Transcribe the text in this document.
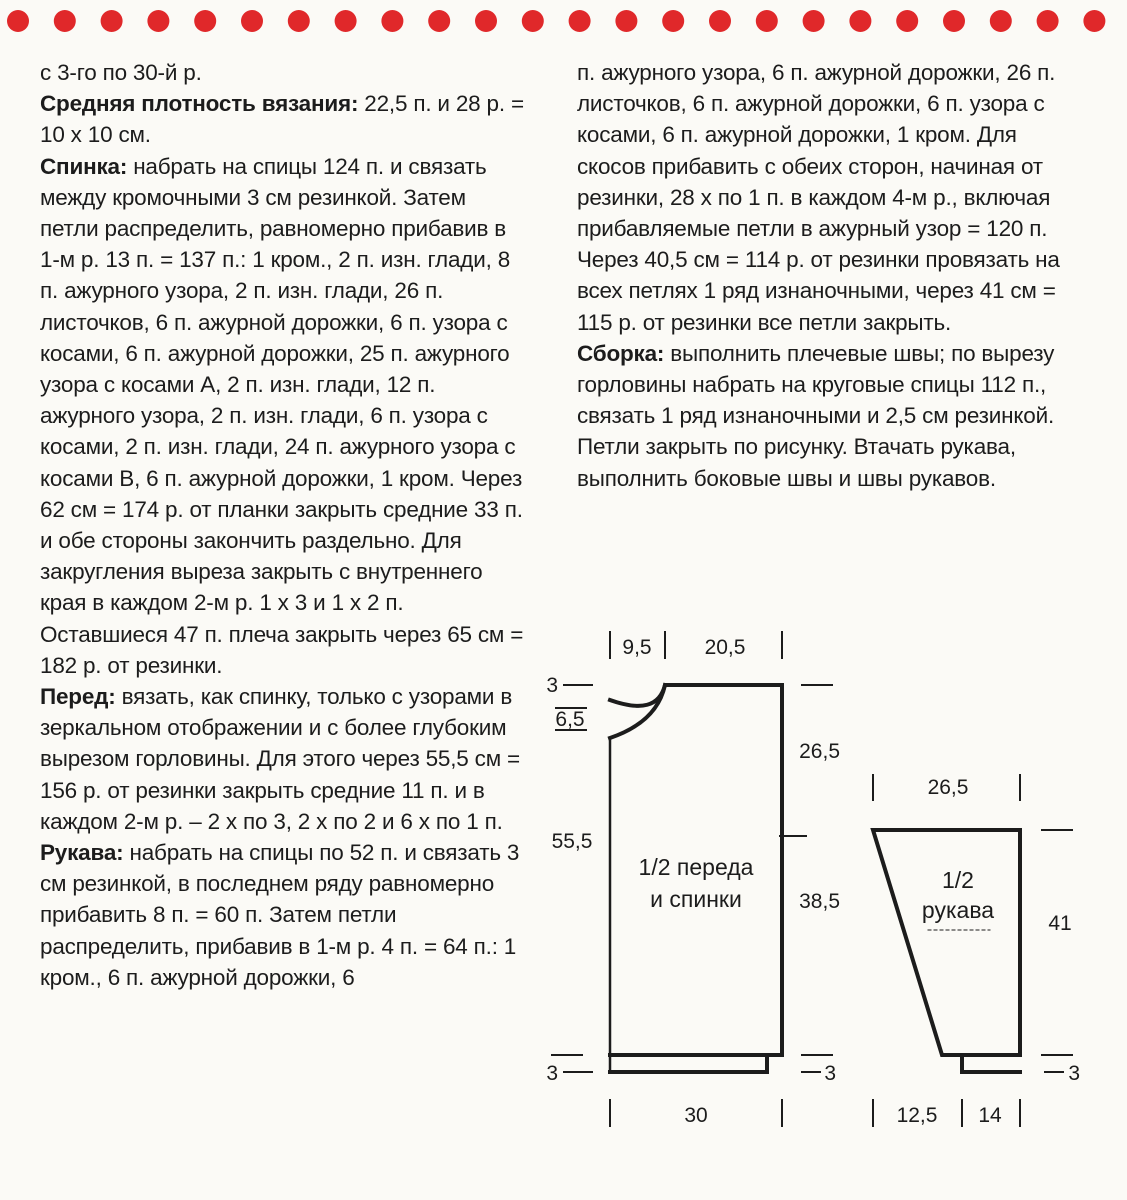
с 3-го по 30-й р.

Средняя плотность вязания: 22,5 п. и 28 р. = 10 х 10 см.

Спинка: набрать на спицы 124 п. и связать между кромочными 3 см резинкой. Затем петли распределить, равномерно прибавив в 1-м р. 13 п. = 137 п.: 1 кром., 2 п. изн. глади, 8 п. ажурного узора, 2 п. изн. глади, 26 п. листочков, 6 п. ажурной дорожки, 6 п. узора с косами, 6 п. ажурной дорожки, 25 п. ажурного узора с косами А, 2 п. изн. глади, 12 п. ажурного узора, 2 п. изн. глади, 6 п. узора с косами, 2 п. изн. глади, 24 п. ажурного узора с косами В, 6 п. ажурной дорожки, 1 кром. Через 62 см = 174 р. от планки закрыть средние 33 п. и обе стороны закончить раздельно. Для закругления выреза закрыть с внутреннего края в каждом 2-м р. 1 х 3 и 1 х 2 п. Оставшиеся 47 п. плеча закрыть через 65 см = 182 р. от резинки.

Перед: вязать, как спинку, только с узорами в зеркальном отображении и с более глубоким вырезом горловины. Для этого через 55,5 см = 156 р. от резинки закрыть средние 11 п. и в каждом 2-м р. – 2 х по 3, 2 х по 2 и 6 х по 1 п.

Рукава: набрать на спицы по 52 п. и связать 3 см резинкой, в последнем ряду равномерно прибавить 8 п. = 60 п. Затем петли распределить, прибавив в 1-м р. 4 п. = 64 п.: 1 кром., 6 п. ажурной дорожки, 6

п. ажурного узора, 6 п. ажурной дорожки, 26 п. листочков, 6 п. ажурной дорожки, 6 п. узора с косами, 6 п. ажурной дорожки, 1 кром. Для скосов прибавить с обеих сторон, начиная от резинки, 28 х по 1 п. в каждом 4-м р., включая прибавляемые петли в ажурный узор = 120 п. Через 40,5 см = 114 р. от резинки провязать на всех петлях 1 ряд изнаночными, через 41 см = 115 р. от резинки все петли закрыть.

Сборка: выполнить плечевые швы; по вырезу горловины набрать на круговые спицы 112 п., связать 1 ряд изнаночными и 2,5 см резинкой. Петли закрыть по рисунку. Втачать рукава, выполнить боковые швы и швы рукавов.

9,5	20,5
3
6,5
26,5
55,5
38,5
3	3
30
1/2 переда
и спинки
26,5
41
3
12,5 14
1/2
рукава
